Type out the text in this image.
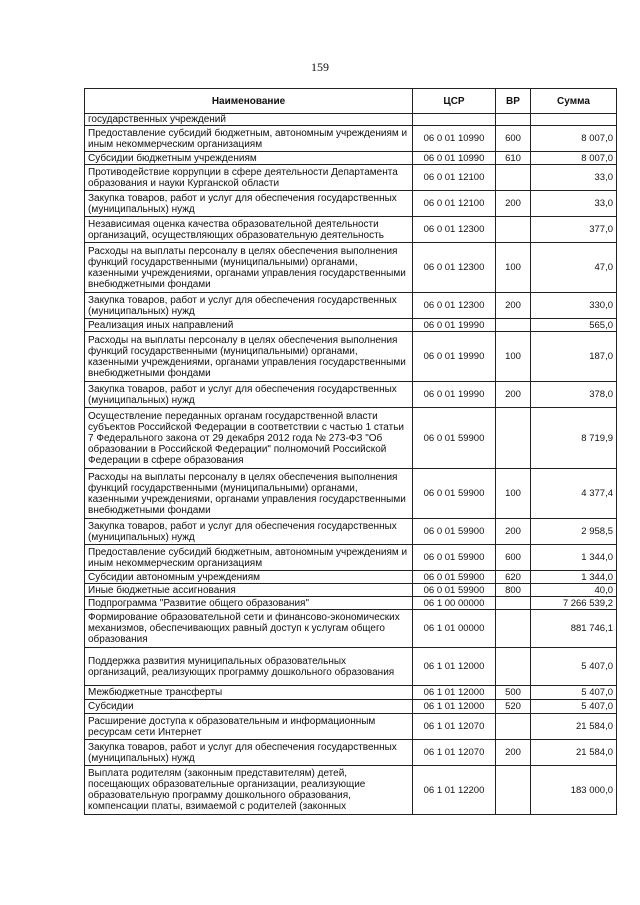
159
Наименование	ЦСР	ВР	Сумма
государственных учреждений			
Предоставление субсидий бюджетным, автономным учреждениям и иным некоммерческим организациям	06 0 01 10990	600	8 007,0
Субсидии бюджетным учреждениям	06 0 01 10990	610	8 007,0
Противодействие коррупции в сфере деятельности Департамента образования и науки Курганской области	06 0 01 12100		33,0
Закупка товаров, работ и услуг для обеспечения государственных (муниципальных) нужд	06 0 01 12100	200	33,0
Независимая оценка качества образовательной деятельности организаций, осуществляющих образовательную деятельность	06 0 01 12300		377,0
Расходы на выплаты персоналу в целях обеспечения выполнения функций государственными (муниципальными) органами, казенными учреждениями, органами управления государственными внебюджетными фондами	06 0 01 12300	100	47,0
Закупка товаров, работ и услуг для обеспечения государственных (муниципальных) нужд	06 0 01 12300	200	330,0
Реализация иных направлений	06 0 01 19990		565,0
Расходы на выплаты персоналу в целях обеспечения выполнения функций государственными (муниципальными) органами, казенными учреждениями, органами управления государственными внебюджетными фондами	06 0 01 19990	100	187,0
Закупка товаров, работ и услуг для обеспечения государственных (муниципальных) нужд	06 0 01 19990	200	378,0
Осуществление переданных органам государственной власти субъектов Российской Федерации в соответствии с частью 1 статьи 7 Федерального закона от 29 декабря 2012 года № 273-ФЗ "Об образовании в Российской Федерации" полномочий Российской Федерации в сфере образования	06 0 01 59900		8 719,9
Расходы на выплаты персоналу в целях обеспечения выполнения функций государственными (муниципальными) органами, казенными учреждениями, органами управления государственными внебюджетными фондами	06 0 01 59900	100	4 377,4
Закупка товаров, работ и услуг для обеспечения государственных (муниципальных) нужд	06 0 01 59900	200	2 958,5
Предоставление субсидий бюджетным, автономным учреждениям и иным некоммерческим организациям	06 0 01 59900	600	1 344,0
Субсидии автономным учреждениям	06 0 01 59900	620	1 344,0
Иные бюджетные ассигнования	06 0 01 59900	800	40,0
Подпрограмма "Развитие общего образования"	06 1 00 00000		7 266 539,2
Формирование образовательной сети и финансово-экономических механизмов, обеспечивающих равный доступ к услугам общего образования	06 1 01 00000		881 746,1
Поддержка развития муниципальных образовательных организаций, реализующих программу дошкольного образования	06 1 01 12000		5 407,0
Межбюджетные трансферты	06 1 01 12000	500	5 407,0
Субсидии	06 1 01 12000	520	5 407,0
Расширение доступа к образовательным и информационным ресурсам сети Интернет	06 1 01 12070		21 584,0
Закупка товаров, работ и услуг для обеспечения государственных (муниципальных) нужд	06 1 01 12070	200	21 584,0
Выплата родителям (законным представителям) детей, посещающих образовательные организации, реализующие образовательную программу дошкольного образования, компенсации платы, взимаемой с родителей (законных	06 1 01 12200		183 000,0
